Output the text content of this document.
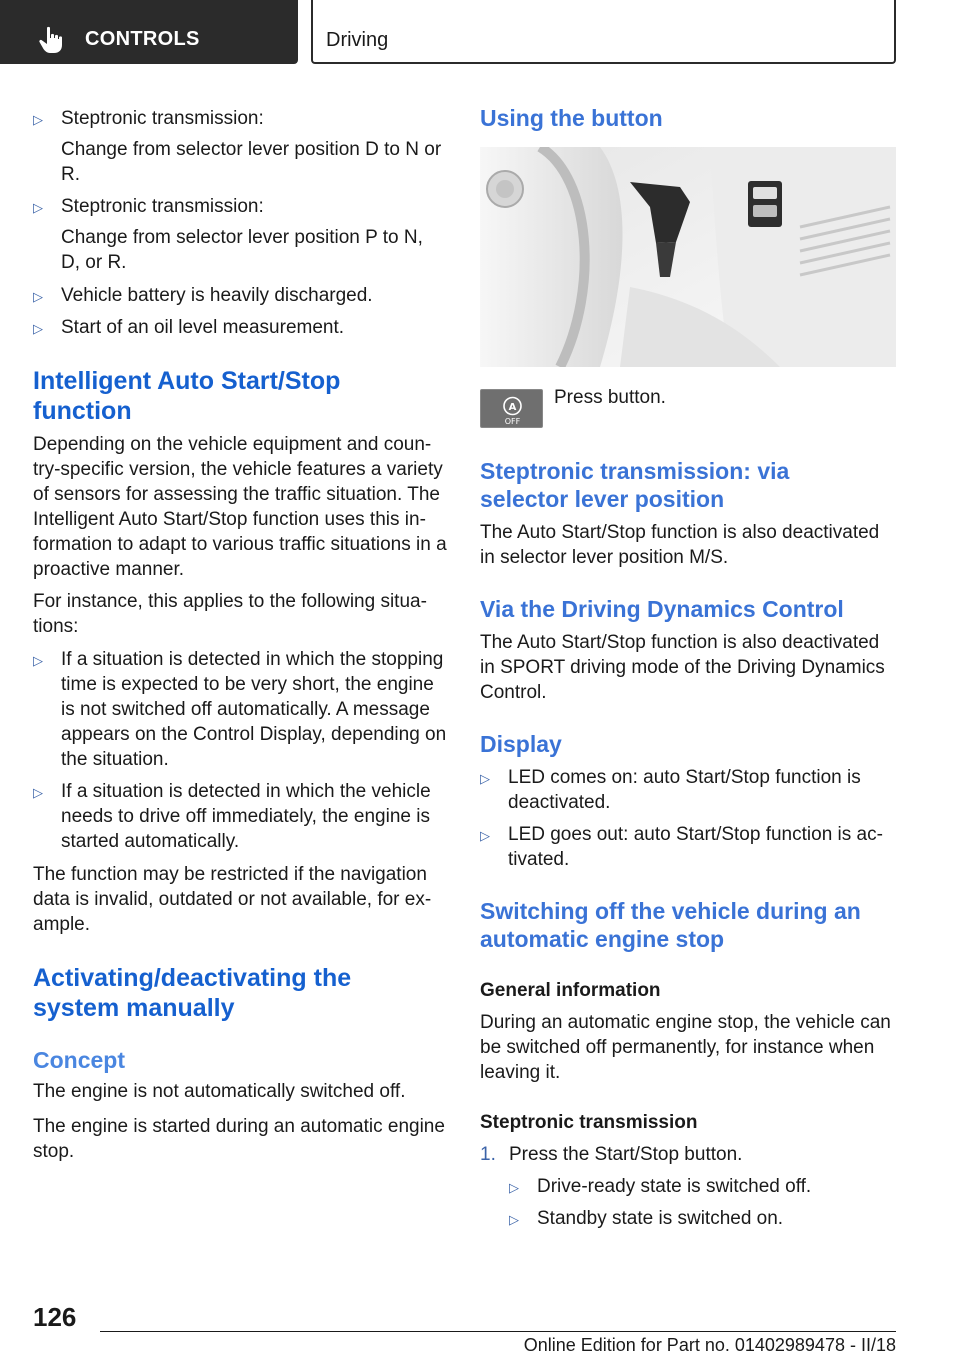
CONTROLS	Driving
▷ Steptronic transmission:
Change from selector lever position D to N or R.
▷ Steptronic transmission:
Change from selector lever position P to N, D, or R.
▷ Vehicle battery is heavily discharged.
▷ Start of an oil level measurement.
Intelligent Auto Start/Stop function
Depending on the vehicle equipment and coun-try-specific version, the vehicle features a variety of sensors for assessing the traffic situation. The Intelligent Auto Start/Stop function uses this in-formation to adapt to various traffic situations in a proactive manner.
For instance, this applies to the following situa-tions:
▷ If a situation is detected in which the stopping time is expected to be very short, the engine is not switched off automatically. A message appears on the Control Display, depending on the situation.
▷ If a situation is detected in which the vehicle needs to drive off immediately, the engine is started automatically.
The function may be restricted if the navigation data is invalid, outdated or not available, for ex-ample.
Activating/deactivating the system manually
Concept
The engine is not automatically switched off.
The engine is started during an automatic engine stop.
Using the button
A
OFF
Press button.
Steptronic transmission: via selector lever position
The Auto Start/Stop function is also deactivated in selector lever position M/S.
Via the Driving Dynamics Control
The Auto Start/Stop function is also deactivated in SPORT driving mode of the Driving Dynamics Control.
Display
▷ LED comes on: auto Start/Stop function is deactivated.
▷ LED goes out: auto Start/Stop function is ac-tivated.
Switching off the vehicle during an automatic engine stop
General information
During an automatic engine stop, the vehicle can be switched off permanently, for instance when leaving it.
Steptronic transmission
1. Press the Start/Stop button.
▷ Drive-ready state is switched off.
▷ Standby state is switched on.
126
Online Edition for Part no. 01402989478 - II/18
